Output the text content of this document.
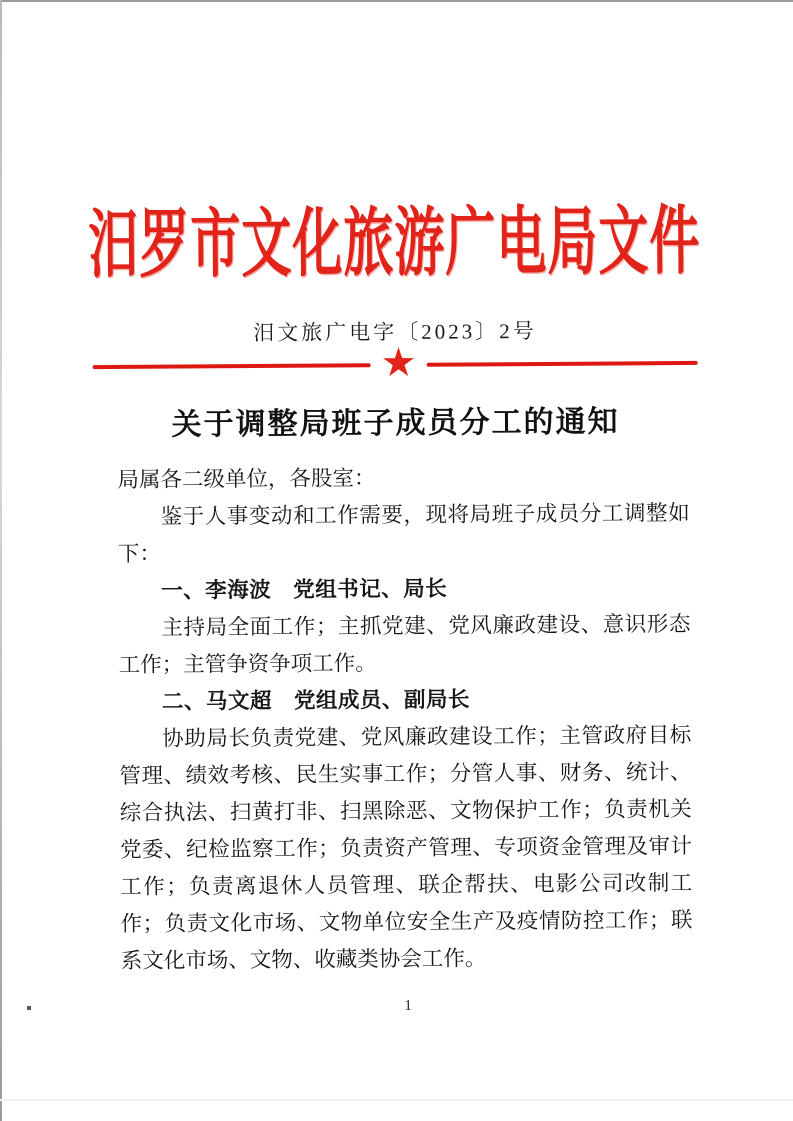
汨罗市文化旅游广电局文件
汨文旅广电字〔2023〕2号
★
关于调整局班子成员分工的通知

局属各二级单位，各股室：

鉴于人事变动和工作需要，现将局班子成员分工调整如下：

一、李海波　党组书记、局长

主持局全面工作；主抓党建、党风廉政建设、意识形态工作；主管争资争项工作。

二、马文超　党组成员、副局长

协助局长负责党建、党风廉政建设工作；主管政府目标管理、绩效考核、民生实事工作；分管人事、财务、统计、综合执法、扫黄打非、扫黑除恶、文物保护工作；负责机关党委、纪检监察工作；负责资产管理、专项资金管理及审计工作；负责离退休人员管理、联企帮扶、电影公司改制工作；负责文化市场、文物单位安全生产及疫情防控工作；联系文化市场、文物、收藏类协会工作。

1
